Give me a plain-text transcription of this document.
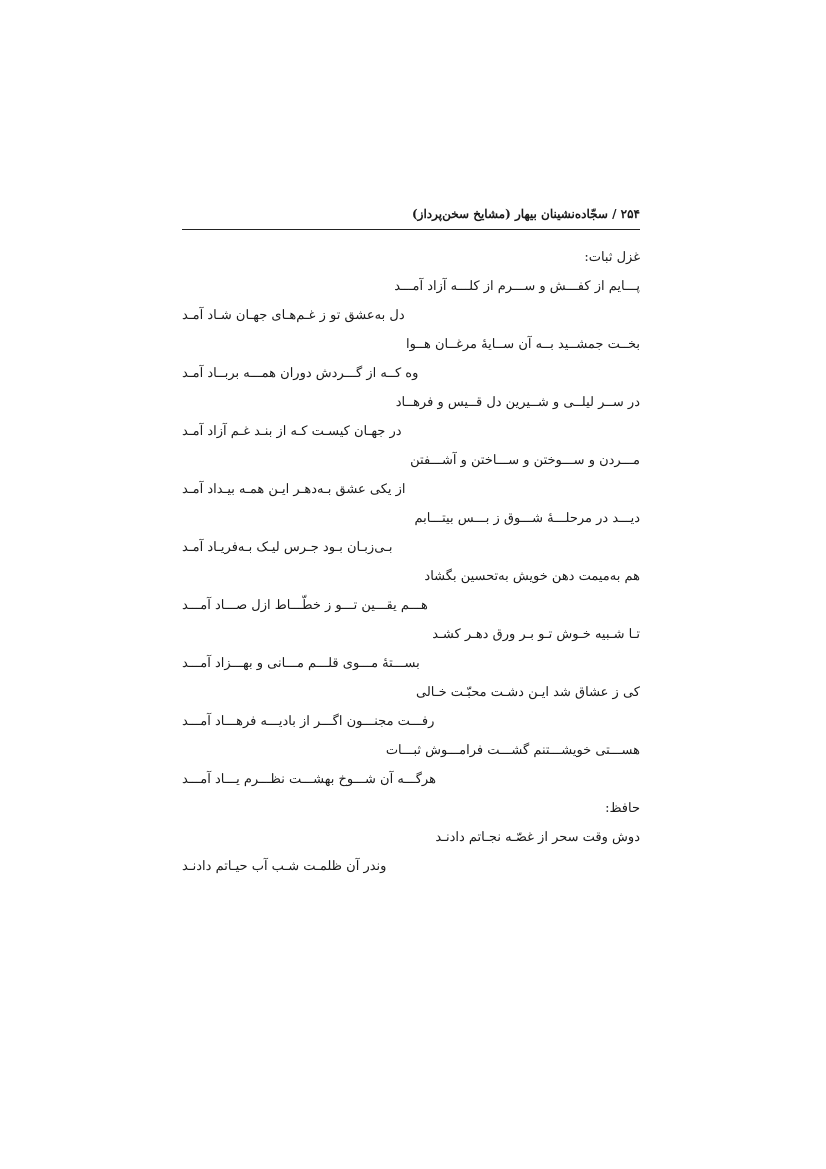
۲۵۴ / سجّاده‌نشینان بیهار (مشایخ سخن‌پرداز)
غزل ثبات:
پـــایم از کفـــش و ســـرم از کلـــه آزاد آمـــد
دل به‌عشق تو ز غـم‌هـای جهـان شـاد آمـد
بخــت جمشــید بــه آن ســایهٔ مرغــان هــوا
وه کــه از گـــردش دوران همـــه بربــاد آمـد
در ســر لیلــی و شــیرین دل قــیس و فرهــاد
در جهـان کیسـت کـه از بنـد غـم آزاد آمـد
مـــردن و ســـوختن و ســـاختن و آشـــفتن
از یکی عشق بـه‌دهـر ایـن همـه بیـداد آمـد
دیـــد در مرحلـــهٔ شـــوق ز بـــس بیتـــابم
بـی‌زبـان بـود جـرس لیـک بـه‌فریـاد آمـد
هم به‌میمت دهن خویش به‌تحسین بگشاد
هـــم یقـــین تـــو ز خطّـــاط ازل صـــاد آمـــد
تـا شـبیه خـوش تـو بـر ورق دهـر کشـد
بســـتهٔ مـــوی قلـــم مـــانی و بهـــزاد آمـــد
کی ز عشاق شد ایـن دشـت محبّـت خـالی
رفـــت مجنـــون اگـــر از بادیـــه فرهـــاد آمـــد
هســـتی خویشـــتنم گشـــت فرامـــوش ثبـــات
هرگـــه آن شـــوخ بهشـــت نظـــرم یـــاد آمـــد
حافظ:
دوش وقت سحر از غصّـه نجـاتم دادنـد
وندر آن ظلمـت شـب آب حیـاتم دادنـد
